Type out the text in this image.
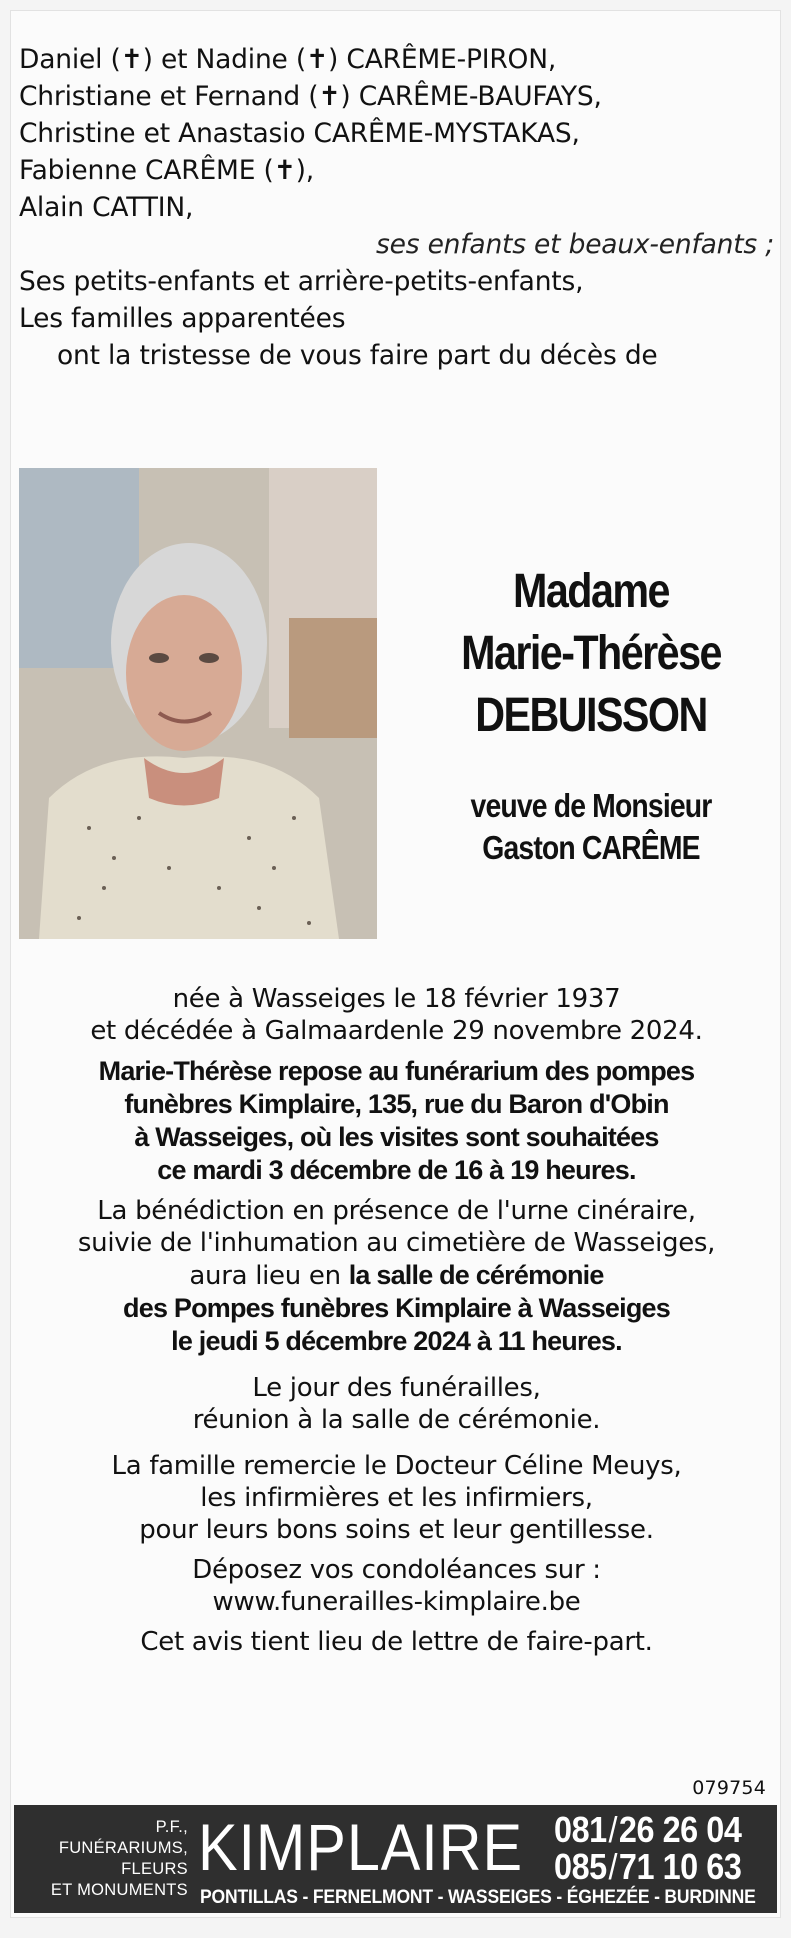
Daniel (✝) et Nadine (✝) CARÊME-PIRON,
Christiane et Fernand (✝) CARÊME-BAUFAYS,
Christine et Anastasio CARÊME-MYSTAKAS,
Fabienne CARÊME (✝),
Alain CATTIN,
ses enfants et beaux-enfants ;
Ses petits-enfants et arrière-petits-enfants,
Les familles apparentées
ont la tristesse de vous faire part du décès de
Madame
Marie-Thérèse
DEBUISSON
veuve de Monsieur
Gaston CARÊME

née à Wasseiges le 18 février 1937

et décédée à Galmaardenle 29 novembre 2024.

Marie-Thérèse repose au funérarium des pompes
funèbres Kimplaire, 135, rue du Baron d'Obin
à Wasseiges, où les visites sont souhaitées
ce mardi 3 décembre de 16 à 19 heures.

La bénédiction en présence de l'urne cinéraire,

suivie de l'inhumation au cimetière de Wasseiges,

aura lieu en la salle de cérémonie

des Pompes funèbres Kimplaire à Wasseiges

le jeudi 5 décembre 2024 à 11 heures.

Le jour des funérailles,

réunion à la salle de cérémonie.

La famille remercie le Docteur Céline Meuys,

les infirmières et les infirmiers,

pour leurs bons soins et leur gentillesse.

Déposez vos condoléances sur :

www.funerailles-kimplaire.be

Cet avis tient lieu de lettre de faire-part.

079754
P.F.,
FUNÉRARIUMS,
FLEURS
ET MONUMENTS
KIMPLAIRE 081 / 26 26 04
085 / 71 10 63
PONTILLAS - FERNELMONT - WASSEIGES - ÉGHEZÉE - BURDINNE
